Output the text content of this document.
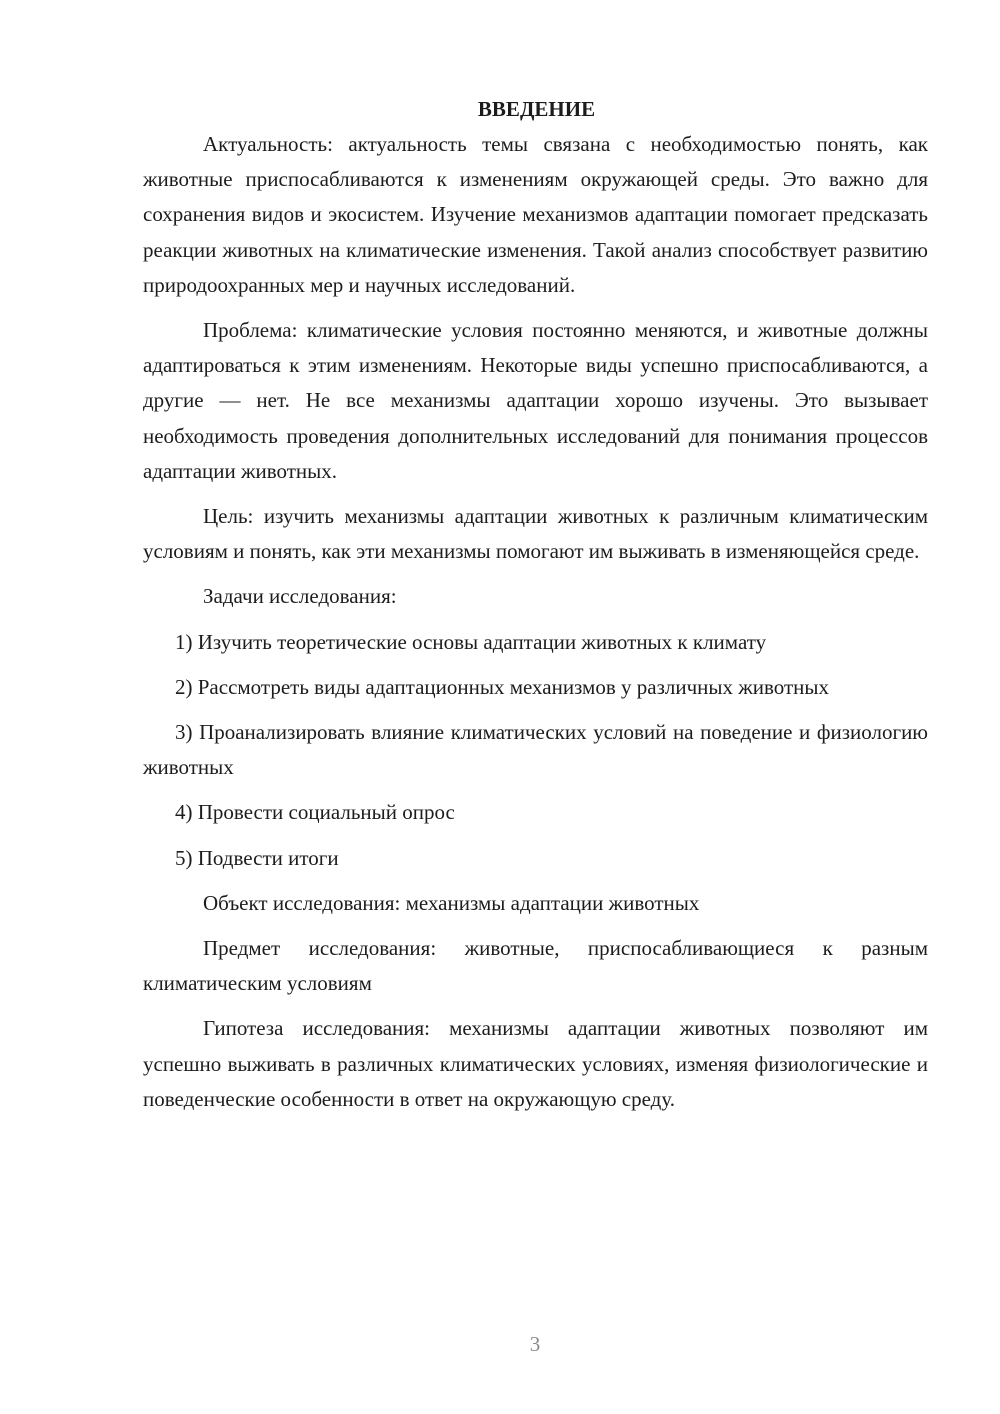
ВВЕДЕНИЕ

Актуальность: актуальность темы связана с необходимостью понять, как животные приспосабливаются к изменениям окружающей среды. Это важно для сохранения видов и экосистем. Изучение механизмов адаптации помогает предсказать реакции животных на климатические изменения. Такой анализ способствует развитию природоохранных мер и научных исследований.

Проблема: климатические условия постоянно меняются, и животные должны адаптироваться к этим изменениям. Некоторые виды успешно приспосабливаются, а другие — нет. Не все механизмы адаптации хорошо изучены. Это вызывает необходимость проведения дополнительных исследований для понимания процессов адаптации животных.

Цель: изучить механизмы адаптации животных к различным климатическим условиям и понять, как эти механизмы помогают им выживать в изменяющейся среде.

Задачи исследования:

1) Изучить теоретические основы адаптации животных к климату

2) Рассмотреть виды адаптационных механизмов у различных животных

3) Проанализировать влияние климатических условий на поведение и физиологию животных

4) Провести социальный опрос

5) Подвести итоги

Объект исследования: механизмы адаптации животных

Предмет исследования: животные, приспосабливающиеся к разным климатическим условиям

Гипотеза исследования: механизмы адаптации животных позволяют им успешно выживать в различных климатических условиях, изменяя физиологические и поведенческие особенности в ответ на окружающую среду.

3
